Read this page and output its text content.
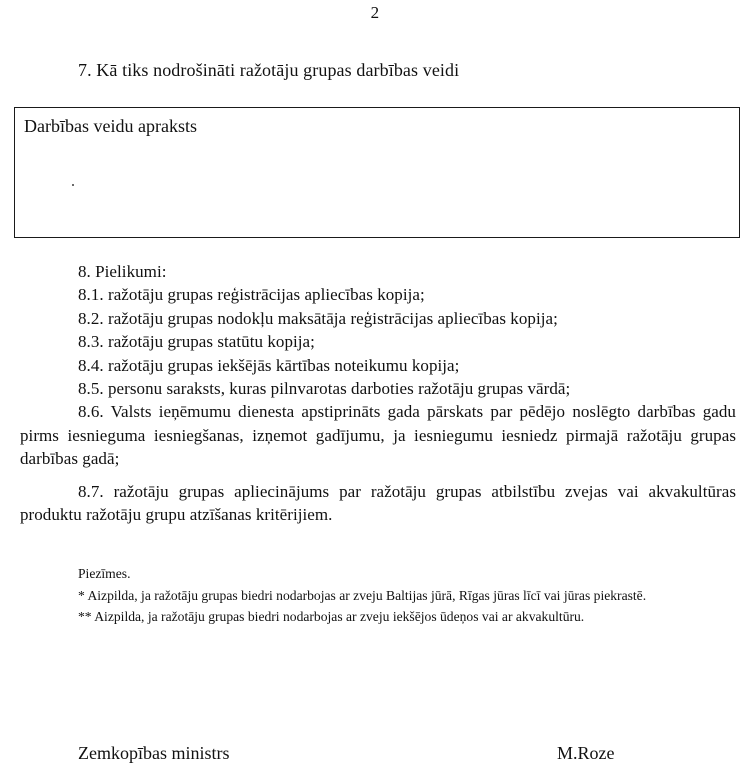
2
7. Kā tiks nodrošināti ražotāju grupas darbības veidi
Darbības veidu apraksts

8. Pielikumi:

8.1. ražotāju grupas reģistrācijas apliecības kopija;

8.2. ražotāju grupas nodokļu maksātāja reģistrācijas apliecības kopija;

8.3. ražotāju grupas statūtu kopija;

8.4. ražotāju grupas iekšējās kārtības noteikumu kopija;

8.5. personu saraksts, kuras pilnvarotas darboties ražotāju grupas vārdā;

8.6. Valsts ieņēmumu dienesta apstiprināts gada pārskats par pēdējo noslēgto darbības gadu pirms iesnieguma iesniegšanas, izņemot gadījumu, ja iesniegumu iesniedz pirmajā ražotāju grupas darbības gadā;

8.7. ražotāju grupas apliecinājums par ražotāju grupas atbilstību zvejas vai akvakultūras produktu ražotāju grupu atzīšanas kritērijiem.

Piezīmes.

* Aizpilda, ja ražotāju grupas biedri nodarbojas ar zveju Baltijas jūrā, Rīgas jūras līcī vai jūras piekrastē.

** Aizpilda, ja ražotāju grupas biedri nodarbojas ar zveju iekšējos ūdeņos vai ar akvakultūru.

Zemkopības ministrs	M.Roze
